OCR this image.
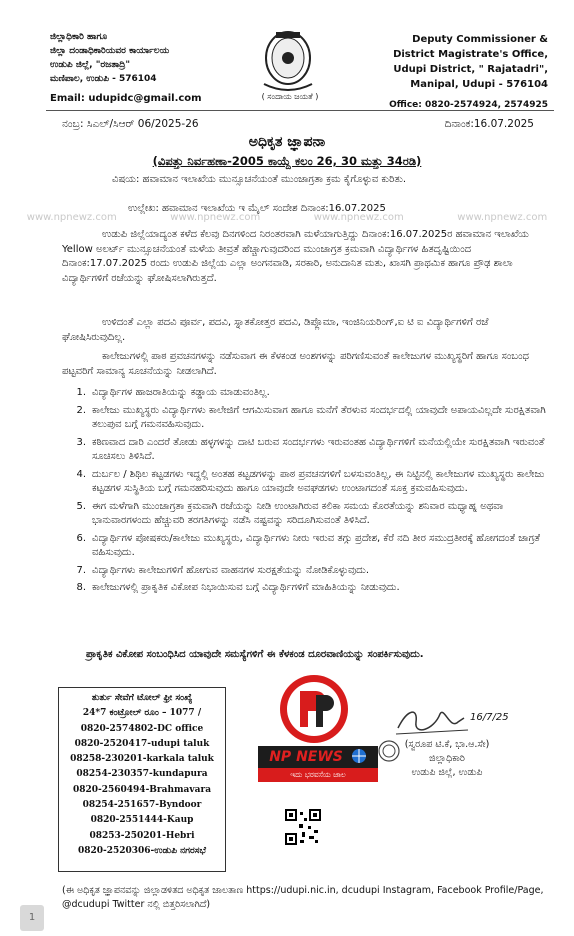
ಜಿಲ್ಲಾಧಿಕಾರಿ ಹಾಗೂ
ಜಿಲ್ಲಾ ದಂಡಾಧಿಕಾರಿಯವರ ಕಾರ್ಯಾಲಯ
ಉಡುಪಿ ಜಿಲ್ಲೆ, "ರಜತಾದ್ರಿ"
ಮಣಿಪಾಲ, ಉಡುಪಿ - 576104
Email: udupidc@gmail.com	( ಸಂದಾಯ ಜಯತೆ )
Deputy Commissioner &
District Magistrate's Office,
Udupi District, " Rajatadri",
Manipal, Udupi - 576104
Office: 0820-2574924, 2574925
ನಂಬ್ರ: ಸಿಎಲ್/ಸಿಆರ್ 06/2025-26	ದಿನಾಂಕ:16.07.2025
ಅಧಿಕೃತ ಜ್ಞಾಪನಾ
(ವಿಪತ್ತು ನಿರ್ವಹಣಾ-2005 ಕಾಯ್ದೆ ಕಲಂ 26, 30 ಮತ್ತು 34ರಡಿ)
ವಿಷಯ: ಹವಾಮಾನ ಇಲಾಖೆಯ ಮುನ್ಸೂಚನೆಯಂತೆ ಮುಂಜಾಗ್ರತಾ ಕ್ರಮ ಕೈಗೊಳ್ಳುವ ಕುರಿತು.
ಉಲ್ಲೇಖ: ಹವಾಮಾನ ಇಲಾಖೆಯ ಇ ಮೈಲ್ ಸಂದೇಶ ದಿನಾಂಕ:16.07.2025
www.npnewz.com	www.npnewz.com	www.npnewz.com	www.npnewz.com
ಉಡುಪಿ ಜಿಲ್ಲೆಯಾದ್ಯಂತ ಕಳೆದ ಕೆಲವು ದಿನಗಳಿಂದ ನಿರಂತರವಾಗಿ ಮಳೆಯಾಗುತ್ತಿದ್ದು ದಿನಾಂಕ:16.07.2025ರ ಹವಾಮಾನ ಇಲಾಖೆಯ Yellow ಅಲರ್ಟ್ ಮುನ್ಸೂಚನೆಯಂತೆ ಮಳೆಯ ತೀವ್ರತೆ ಹೆಚ್ಚಾಗುವುದರಿಂದ ಮುಂಜಾಗ್ರತ ಕ್ರಮವಾಗಿ ವಿದ್ಯಾರ್ಥಿಗಳ ಹಿತದೃಷ್ಟಿಯಿಂದ ದಿನಾಂಕ:17.07.2025 ರಂದು ಉಡುಪಿ ಜಿಲ್ಲೆಯ ಎಲ್ಲಾ ಅಂಗನವಾಡಿ, ಸರಕಾರಿ, ಅನುದಾನಿತ ಮತು, ಖಾಸಗಿ ಪ್ರಾಥಮಿಕ ಹಾಗೂ ಪ್ರೌಢ ಶಾಲಾ ವಿದ್ಯಾರ್ಥಿಗಳಿಗೆ ರಜೆಯನ್ನು ಘೋಷಿಸಲಾಗಿರುತ್ತದೆ.
ಉಳಿದಂತೆ ಎಲ್ಲಾ ಪದವಿ ಪೂರ್ವ, ಪದವಿ, ಸ್ನಾತಕೋತ್ತರ ಪದವಿ, ಡಿಪ್ಲೊಮಾ, ಇಂಜಿನಿಯರಿಂಗ್,ಐ ಟಿ ಐ ವಿದ್ಯಾರ್ಥಿಗಳಿಗೆ ರಜೆ ಘೋಷಿಸಿರುವುದಿಲ್ಲ.
ಕಾಲೇಜುಗಳಲ್ಲಿ ಪಾಠ ಪ್ರವಚನಗಳನ್ನು ನಡೆಸುವಾಗ ಈ ಕೆಳಕಂಡ ಅಂಶಗಳನ್ನು ಪರಿಗಣಿಸುವಂತೆ ಕಾಲೇಜುಗಳ ಮುಖ್ಯಸ್ಥರಿಗೆ ಹಾಗೂ ಸಂಬಂಧ ಪಟ್ಟವರಿಗೆ ಸಾಮಾನ್ಯ ಸೂಚನೆಯನ್ನು ನೀಡಲಾಗಿದೆ.
1. ವಿದ್ಯಾರ್ಥಿಗಳ ಹಾಜರಾತಿಯನ್ನು ಕಡ್ಡಾಯ ಮಾಡುವಂತಿಲ್ಲ.
2. ಕಾಲೇಜು ಮುಖ್ಯಸ್ಥರು ವಿದ್ಯಾರ್ಥಿಗಳು ಕಾಲೇಜಿಗೆ ಆಗಮಿಸುವಾಗ ಹಾಗೂ ಮನೆಗೆ ತೆರಳುವ ಸಂದರ್ಭದಲ್ಲಿ ಯಾವುದೇ ಅಪಾಯವಿಲ್ಲದೇ ಸುರಕ್ಷಿತವಾಗಿ ತಲುಪುವ ಬಗ್ಗೆ ಗಮನವಹಿಸುವುದು.
3. ಕಠಿಣವಾದ ದಾರಿ ಎಂದರೆ ತೋಡು ಹಳ್ಳಗಳನ್ನು ದಾಟಿ ಬರುವ ಸಂದರ್ಭಗಳು ಇರುವಂತಹ ವಿದ್ಯಾರ್ಥಿಗಳಿಗೆ ಮನೆಯಲ್ಲಿಯೇ ಸುರಕ್ಷಿತವಾಗಿ ಇರುವಂತೆ ಸೂಚಿಸಲು ತಿಳಿಸಿದೆ.
4. ದುರ್ಬಲ / ಶಿಥಿಲ ಕಟ್ಟಡಗಳು ಇದ್ದಲ್ಲಿ ಅಂತಹ ಕಟ್ಟಡಗಳನ್ನು ಪಾಠ ಪ್ರವಚನಗಳಿಗೆ ಬಳಸುವಂತಿಲ್ಲ, ಈ ನಿಟ್ಟಿನಲ್ಲಿ ಕಾಲೇಜುಗಳ ಮುಖ್ಯಸ್ಥರು ಕಾಲೇಜು ಕಟ್ಟಡಗಳ ಸುಸ್ಥಿತಿಯ ಬಗ್ಗೆ ಗಮನಹರಿಸುವುದು ಹಾಗೂ ಯಾವುದೇ ಅವಘಡಗಳು ಉಂಟಾಗದಂತೆ ಸೂಕ್ತ ಕ್ರಮವಹಿಸುವುದು.
5. ಈಗ ಮಳೆಗಾಗಿ ಮುಂಜಾಗ್ರತಾ ಕ್ರಮವಾಗಿ ರಜೆಯನ್ನು ನೀಡಿ ಉಂಟಾಗಿರುವ ಕಲಿಕಾ ಸಮಯ ಕೊರತೆಯನ್ನು ಶನಿವಾರ ಮಧ್ಯಾಹ್ನ ಅಥವಾ ಭಾನುವಾರಗಳಂದು ಹೆಚ್ಚುವರಿ ತರಗತಿಗಳನ್ನು ನಡೆಸಿ ನಷ್ಟವನ್ನು ಸರಿದೂಗಿಸುವಂತೆ ತಿಳಿಸಿದೆ.
6. ವಿದ್ಯಾರ್ಥಿಗಳ ಪೋಷಕರು/ಕಾಲೇಜು ಮುಖ್ಯಸ್ಥರು, ವಿದ್ಯಾರ್ಥಿಗಳು ನೀರು ಇರುವ ತಗ್ಗು ಪ್ರದೇಶ, ಕೆರೆ ನದಿ ತೀರ ಸಮುದ್ರತೀರಕ್ಕೆ ಹೋಗದಂತೆ ಜಾಗ್ರತೆ ವಹಿಸುವುದು.
7. ವಿದ್ಯಾರ್ಥಿಗಳು ಕಾಲೇಜುಗಳಿಗೆ ಹೋಗುವ ವಾಹನಗಳ ಸುರಕ್ಷತೆಯನ್ನು ನೋಡಿಕೊಳ್ಳುವುದು.
8. ಕಾಲೇಜುಗಳಲ್ಲಿ ಪ್ರಾಕೃತಿಕ ವಿಕೋಪ ನಿಭಾಯಿಸುವ ಬಗ್ಗೆ ವಿದ್ಯಾರ್ಥಿಗಳಿಗೆ ಮಾಹಿತಿಯನ್ನು ನೀಡುವುದು.
ಪ್ರಾಕೃತಿಕ ವಿಕೋಪ ಸಂಬಂಧಿಸಿದ ಯಾವುದೇ ಸಮಸ್ಯೆಗಳಿಗೆ ಈ ಕೆಳಕಂಡ ದೂರವಾಣಿಯನ್ನು ಸಂಪರ್ಕಿಸುವುದು.
ತುರ್ತು ಸೇವೆಗೆ ಟೋಲ್ ಫ್ರೀ ಸಂಖ್ಯೆ
24*7 ಕಂಟ್ರೋಲ್ ರೂಂ – 1077 /
0820-2574802-DC office
0820-2520417-udupi taluk
08258-230201-karkala taluk
08254-230357-kundapura
0820-2560494-Brahmavara
08254-251657-Byndoor
0820-2551444-Kaup
08253-250201-Hebri
0820-2520306-ಉಡುಪಿ ನಗರಸಭೆ
NP NEWS
ಇದು ಭರವಸೆಯ ಜಾಲ
16/7/25
(ಸ್ವರೂಪ ಟಿ.ಕೆ, ಭಾ.ಆ.ಸೇ)
ಜಿಲ್ಲಾಧಿಕಾರಿ
ಉಡುಪಿ ಜಿಲ್ಲೆ, ಉಡುಪಿ
(ಈ ಅಧಿಕೃತ ಜ್ಞಾಪನವನ್ನು ಜಿಲ್ಲಾಡಳಿತದ ಅಧಿಕೃತ ಜಾಲತಾಣ https://udupi.nic.in, dcudupi Instagram, Facebook Profile/Page, @dcudupi Twitter ನಲ್ಲಿ ಬಿತ್ತರಿಸಲಾಗಿದೆ)
1
